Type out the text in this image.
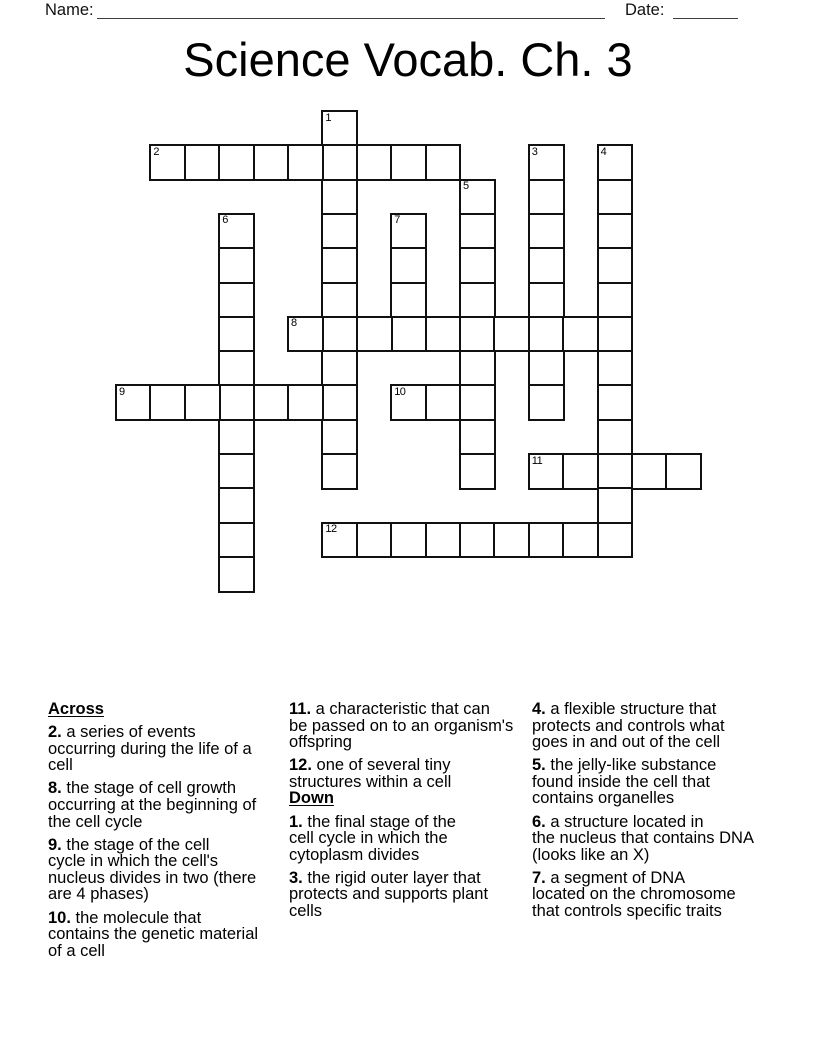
Name:	Date:
Science Vocab. Ch. 3
1
2	3	4
5
6	7
8
9	10
11
12
Across
2. a series of events
occurring during the life of a
cell
8. the stage of cell growth
occurring at the beginning of
the cell cycle
9. the stage of the cell
cycle in which the cell's
nucleus divides in two (there
are 4 phases)
10. the molecule that
contains the genetic material
of a cell
11. a characteristic that can
be passed on to an organism's
offspring
12. one of several tiny
structures within a cell
Down
1. the final stage of the
cell cycle in which the
cytoplasm divides
3. the rigid outer layer that
protects and supports plant
cells
4. a flexible structure that
protects and controls what
goes in and out of the cell
5. the jelly-like substance
found inside the cell that
contains organelles
6. a structure located in
the nucleus that contains DNA
(looks like an X)
7. a segment of DNA
located on the chromosome
that controls specific traits
